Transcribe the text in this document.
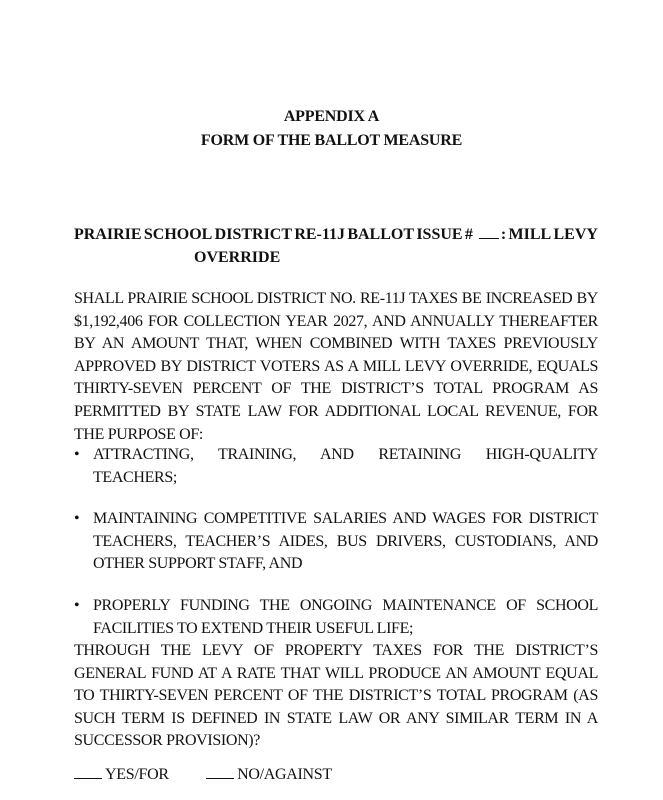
APPENDIX A
FORM OF THE BALLOT MEASURE
PRAIRIE SCHOOL DISTRICT RE-11J BALLOT ISSUE # : MILL LEVY
OVERRIDE

SHALL PRAIRIE SCHOOL DISTRICT NO. RE-11J TAXES BE INCREASED BY $1,192,406 FOR COLLECTION YEAR 2027, AND ANNUALLY THEREAFTER BY AN AMOUNT THAT, WHEN COMBINED WITH TAXES PREVIOUSLY APPROVED BY DISTRICT VOTERS AS A MILL LEVY OVERRIDE, EQUALS THIRTY-SEVEN PERCENT OF THE DISTRICT’S TOTAL PROGRAM AS PERMITTED BY STATE LAW FOR ADDITIONAL LOCAL REVENUE, FOR THE PURPOSE OF:

• ATTRACTING, TRAINING, AND RETAINING HIGH-QUALITY TEACHERS;
• MAINTAINING COMPETITIVE SALARIES AND WAGES FOR DISTRICT TEACHERS, TEACHER’S AIDES, BUS DRIVERS, CUSTODIANS, AND OTHER SUPPORT STAFF, AND
• PROPERLY FUNDING THE ONGOING MAINTENANCE OF SCHOOL FACILITIES TO EXTEND THEIR USEFUL LIFE;

THROUGH THE LEVY OF PROPERTY TAXES FOR THE DISTRICT’S GENERAL FUND AT A RATE THAT WILL PRODUCE AN AMOUNT EQUAL TO THIRTY-SEVEN PERCENT OF THE DISTRICT’S TOTAL PROGRAM (AS SUCH TERM IS DEFINED IN STATE LAW OR ANY SIMILAR TERM IN A SUCCESSOR PROVISION)?

YES/FOR	NO/AGAINST
